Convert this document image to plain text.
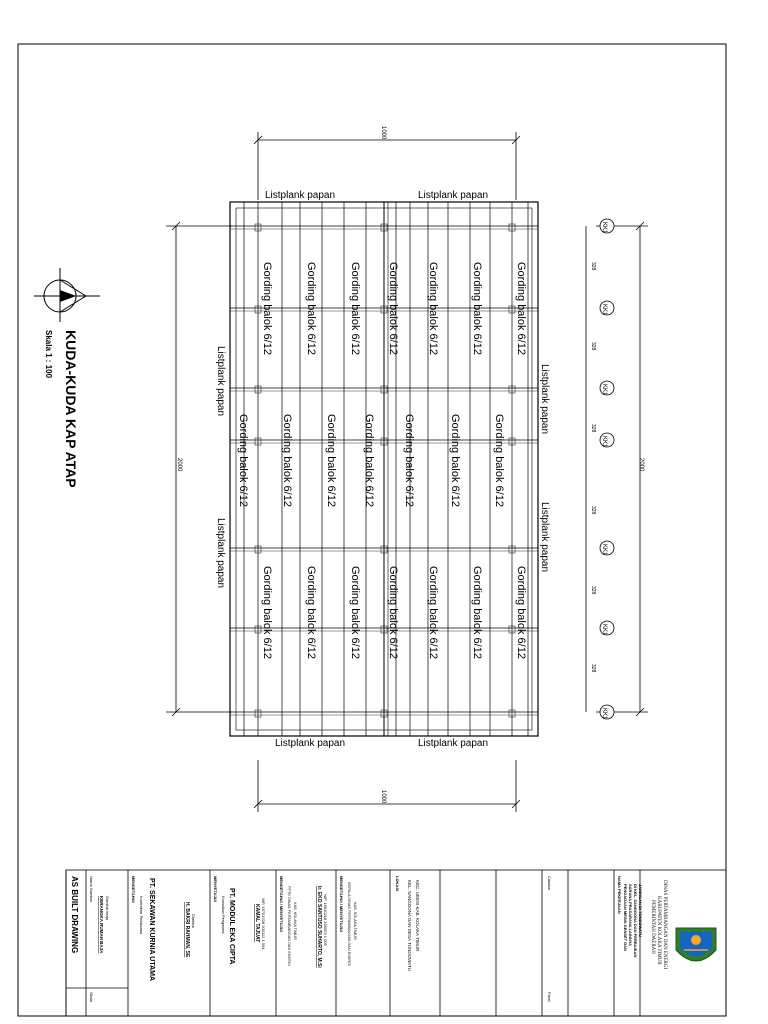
KUDA-KUDA KAP ATAP
Skala 1 : 100
1000
1000
2000	2000
328
328
328
328
328
328
KK1
KK1
KK1
KK1
KK1
KK1
KK1
Listplank papan	Listplank papan
Listplank papan	Listplank papan
Listplank papan
Listplank papan
Listplank papan
Listplank papan
Gording balok 6/12	Gording balok 6/12	Gording balok 6/12 Gording balok 6/12	Gording balok 6/12	Gording balok 6/12	Gording balok 6/12
Gording balok 6/12	Gording balok 6/12	Gording balok 6/12 Gording balok 6/12	Gording balok 6/12	Gording balok 6/12	Gording balok 6/12
Gording balok 6/12	Gording balok 6/12	Gording balok 6/12 Gording balok 6/12	Gording balok 6/12	Gording balok 6/12	Gording balok 6/12
AS BUILT DRAWING	Nama Gambar
Skala
KERANGKA RUMAH BAJA Gambar kerja
MENGETAHUI
Kontraktor Pelaksana PT. SEKAWAN KURNIA UTAMA	H. BAKRI RAHMAN, SE Direktur
MENYETUJUI
Konsultan Pengawas PT. MODUL EKA CIPTA	KAMAL TAJUAT NIP. 19701228 200112 1 004	MENGETAHUI / MENYETUJUI PPTK DINAS PERTAMBANGAN DAN ENERGI KAB. KOLAKA TIMUR	Ir. EKO SANTOSO SUHARTO, M.Si NIP. 19610218 199003 1 009	MENGETAHUI / MENYETUJUI KEPALA DINAS PERTAMBANGAN DAN ENERGI KAB. KOLAKA TIMUR
LOKASI KEL. SANGGONA DAN DESA TONDOWATU KEC. UEESI KAB. KOLAKA TIMUR	Catatan
Paraf
NAMA PEKERJAAN PENGADAAN MESIN GENSET DAN SARANA PRASARANA LAINNYA DI KEL. SANGGONA DAN PERBAIKAN JARINGAN DI TONDOWATU PEMERINTAH DAERAH KABUPATEN KOLAKA TIMUR DINAS PERTAMBANGAN DAN ENERGI
